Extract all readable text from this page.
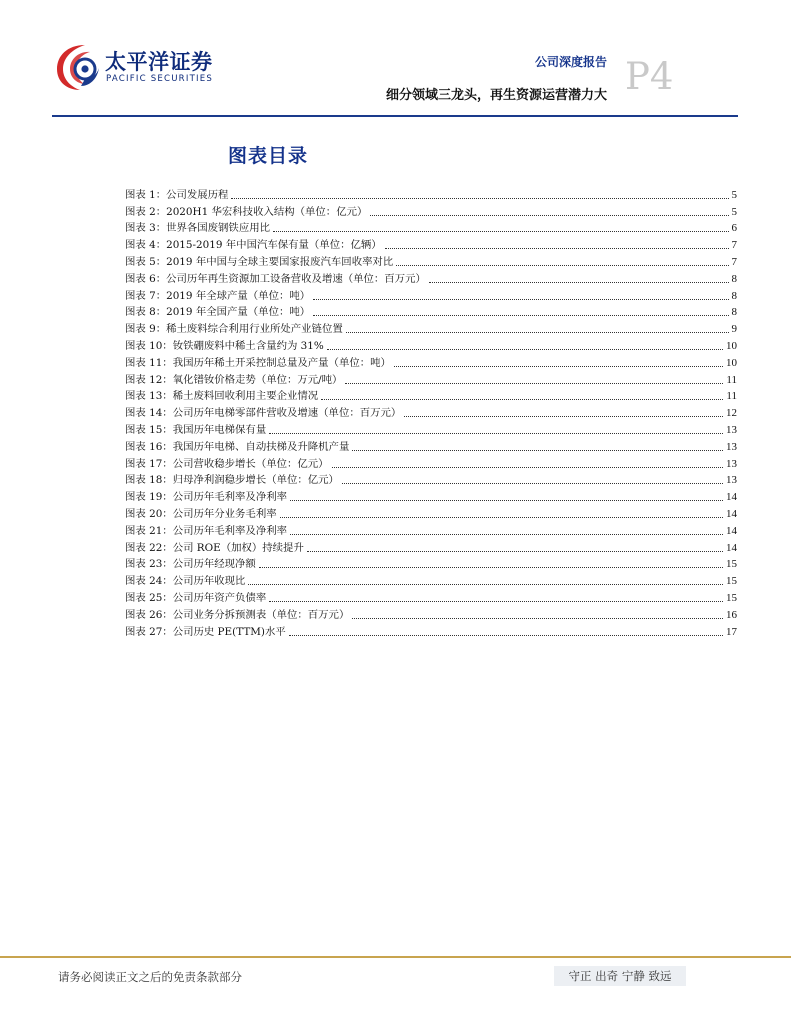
太平洋证券
PACIFIC SECURITIES
公司深度报告
细分领域三龙头，再生资源运营潜力大 P4
图表目录
图表 1：公司发展历程	5
图表 2：2020H1 华宏科技收入结构（单位：亿元）	5
图表 3：世界各国废钢铁应用比	6
图表 4：2015-2019 年中国汽车保有量（单位：亿辆）	7
图表 5：2019 年中国与全球主要国家报废汽车回收率对比	7
图表 6：公司历年再生资源加工设备营收及增速（单位：百万元）	8
图表 7：2019 年全球产量（单位：吨）	8
图表 8：2019 年全国产量（单位：吨）	8
图表 9：稀土废料综合利用行业所处产业链位置	9
图表 10：钕铁硼废料中稀土含量约为 31%	10
图表 11：我国历年稀土开采控制总量及产量（单位：吨）	10
图表 12：氧化镨钕价格走势（单位：万元/吨）	11
图表 13：稀土废料回收利用主要企业情况	11
图表 14：公司历年电梯零部件营收及增速（单位：百万元）	12
图表 15：我国历年电梯保有量	13
图表 16：我国历年电梯、自动扶梯及升降机产量	13
图表 17：公司营收稳步增长（单位：亿元）	13
图表 18：归母净利润稳步增长（单位：亿元）	13
图表 19：公司历年毛利率及净利率	14
图表 20：公司历年分业务毛利率	14
图表 21：公司历年毛利率及净利率	14
图表 22：公司 ROE（加权）持续提升	14
图表 23：公司历年经现净额	15
图表 24：公司历年收现比	15
图表 25：公司历年资产负债率	15
图表 26：公司业务分拆预测表（单位：百万元）	16
图表 27：公司历史 PE(TTM)水平	17
请务必阅读正文之后的免责条款部分	守正 出奇 宁静 致远
